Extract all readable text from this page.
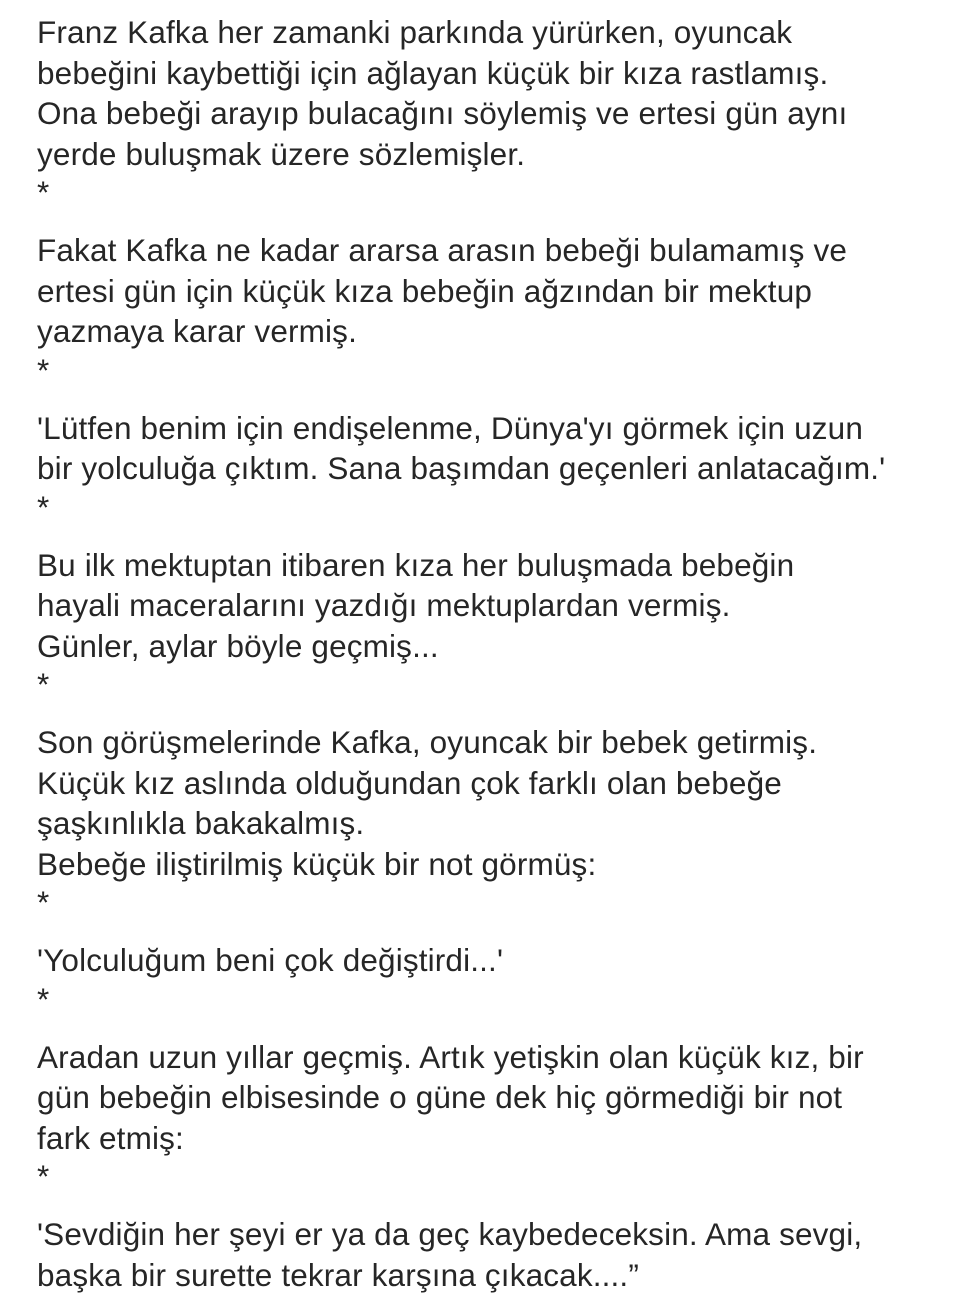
Franz Kafka her zamanki parkında yürürken, oyuncak
bebeğini kaybettiği için ağlayan küçük bir kıza rastlamış.
Ona bebeği arayıp bulacağını söylemiş ve ertesi gün aynı
yerde buluşmak üzere sözlemişler.
*
Fakat Kafka ne kadar ararsa arasın bebeği bulamamış ve
ertesi gün için küçük kıza bebeğin ağzından bir mektup
yazmaya karar vermiş.
*
'Lütfen benim için endişelenme, Dünya'yı görmek için uzun
bir yolculuğa çıktım. Sana başımdan geçenleri anlatacağım.'
*
Bu ilk mektuptan itibaren kıza her buluşmada bebeğin
hayali maceralarını yazdığı mektuplardan vermiş.
Günler, aylar böyle geçmiş...
*
Son görüşmelerinde Kafka, oyuncak bir bebek getirmiş.
Küçük kız aslında olduğundan çok farklı olan bebeğe
şaşkınlıkla bakakalmış.
Bebeğe iliştirilmiş küçük bir not görmüş:
*
'Yolculuğum beni çok değiştirdi...'
*
Aradan uzun yıllar geçmiş. Artık yetişkin olan küçük kız, bir
gün bebeğin elbisesinde o güne dek hiç görmediği bir not
fark etmiş:
*
'Sevdiğin her şeyi er ya da geç kaybedeceksin. Ama sevgi,
başka bir surette tekrar karşına çıkacak....”
